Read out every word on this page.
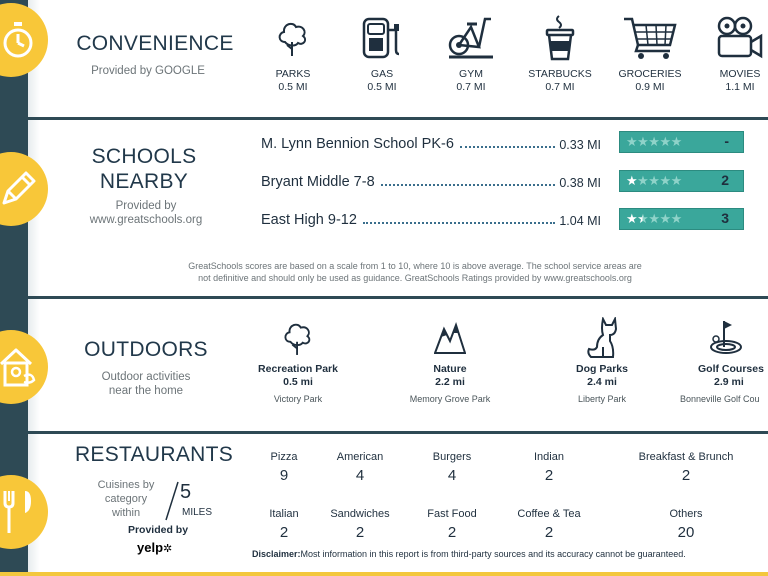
CONVENIENCE
Provided by GOOGLE	PARKS
0.5 MI
GAS
0.5 MI
GYM
0.7 MI
STARBUCKS
0.7 MI
GROCERIES
0.9 MI
MOVIES
1.1 MI
SCHOOLS
NEARBY
Provided by
www.greatschools.org
M. Lynn Bennion School PK-6	0.33 MI ★★★★★	-
Bryant Middle 7-8	0.38 MI ★★★★★	2
East High 9-12	1.04 MI ★★★★★	3
GreatSchools scores are based on a scale from 1 to 10, where 10 is above average. The school service areas are
not definitive and should only be used as guidance. GreatSchools Ratings provided by www.greatschools.org
OUTDOORS
Outdoor activities
near the home
Recreation Park
0.5 mi
Victory Park
Nature
2.2 mi
Memory Grove Park
Dog Parks
2.4 mi
Liberty Park
Golf Courses
2.9 mi
Bonneville Golf Cou
RESTAURANTS
Cuisines by
category
within
5
MILES
Provided by
yelp✲
Pizza
9
American
4
Burgers
4
Indian
2
Breakfast & Brunch
2
Italian
2
Sandwiches
2
Fast Food
2
Coffee & Tea
2
Others
20
Disclaimer:Most information in this report is from third-party sources and its accuracy cannot be guaranteed.
